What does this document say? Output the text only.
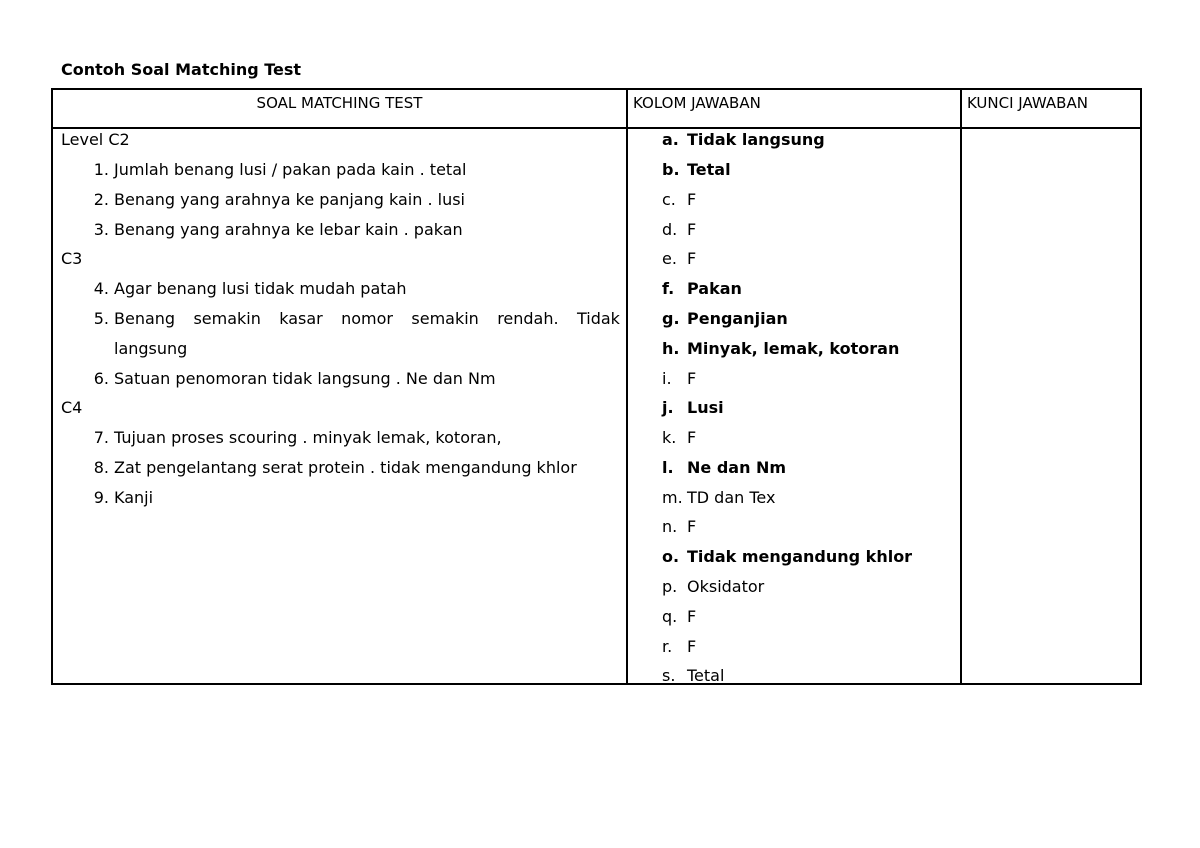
Contoh Soal Matching Test
SOAL MATCHING TEST	KOLOM JAWABAN	KUNCI JAWABAN
Level C2
1. Jumlah benang lusi / pakan pada kain . tetal
2. Benang yang arahnya ke panjang kain . lusi
3. Benang yang arahnya ke lebar kain . pakan
C3
4. Agar benang lusi tidak mudah patah
5. Benang semakin kasar nomor semakin rendah. Tidak
langsung
6. Satuan penomoran tidak langsung . Ne dan Nm
C4
7. Tujuan proses scouring . minyak lemak, kotoran,
8. Zat pengelantang serat protein . tidak mengandung khlor
9. Kanji
a. Tidak langsung
b. Tetal
c. F
d. F
e. F
f. Pakan
g. Penganjian
h. Minyak, lemak, kotoran
i. F
j. Lusi
k. F
l. Ne dan Nm
m. TD dan Tex
n. F
o. Tidak mengandung khlor
p. Oksidator
q. F
r. F
s. Tetal
